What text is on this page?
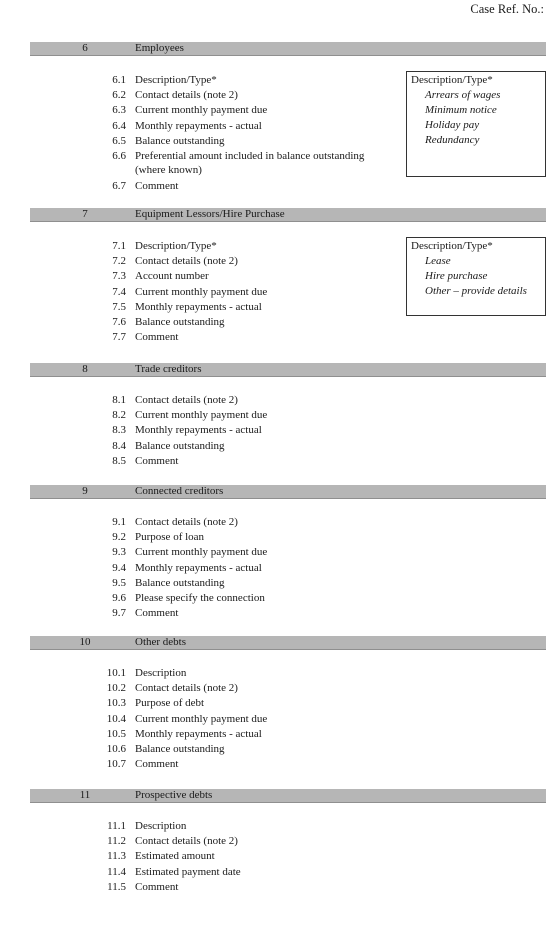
Case Ref. No.:
6	Employees
6.1 Description/Type*
6.2 Contact details (note 2)
6.3 Current monthly payment due
6.4 Monthly repayments - actual
6.5 Balance outstanding
6.6 Preferential amount included in balance outstanding
(where known)
6.7 Comment
Description/Type*
Arrears of wages
Minimum notice
Holiday pay
Redundancy
7	Equipment Lessors/Hire Purchase
7.1 Description/Type*
7.2 Contact details (note 2)
7.3 Account number
7.4 Current monthly payment due
7.5 Monthly repayments - actual
7.6 Balance outstanding
7.7 Comment
Description/Type*
Lease
Hire purchase
Other – provide details
8	Trade creditors
8.1 Contact details (note 2)
8.2 Current monthly payment due
8.3 Monthly repayments - actual
8.4 Balance outstanding
8.5 Comment
9	Connected creditors
9.1 Contact details (note 2)
9.2 Purpose of loan
9.3 Current monthly payment due
9.4 Monthly repayments - actual
9.5 Balance outstanding
9.6 Please specify the connection
9.7 Comment
10	Other debts
10.1 Description
10.2 Contact details (note 2)
10.3 Purpose of debt
10.4 Current monthly payment due
10.5 Monthly repayments - actual
10.6 Balance outstanding
10.7 Comment
11	Prospective debts
11.1 Description
11.2 Contact details (note 2)
11.3 Estimated amount
11.4 Estimated payment date
11.5 Comment
